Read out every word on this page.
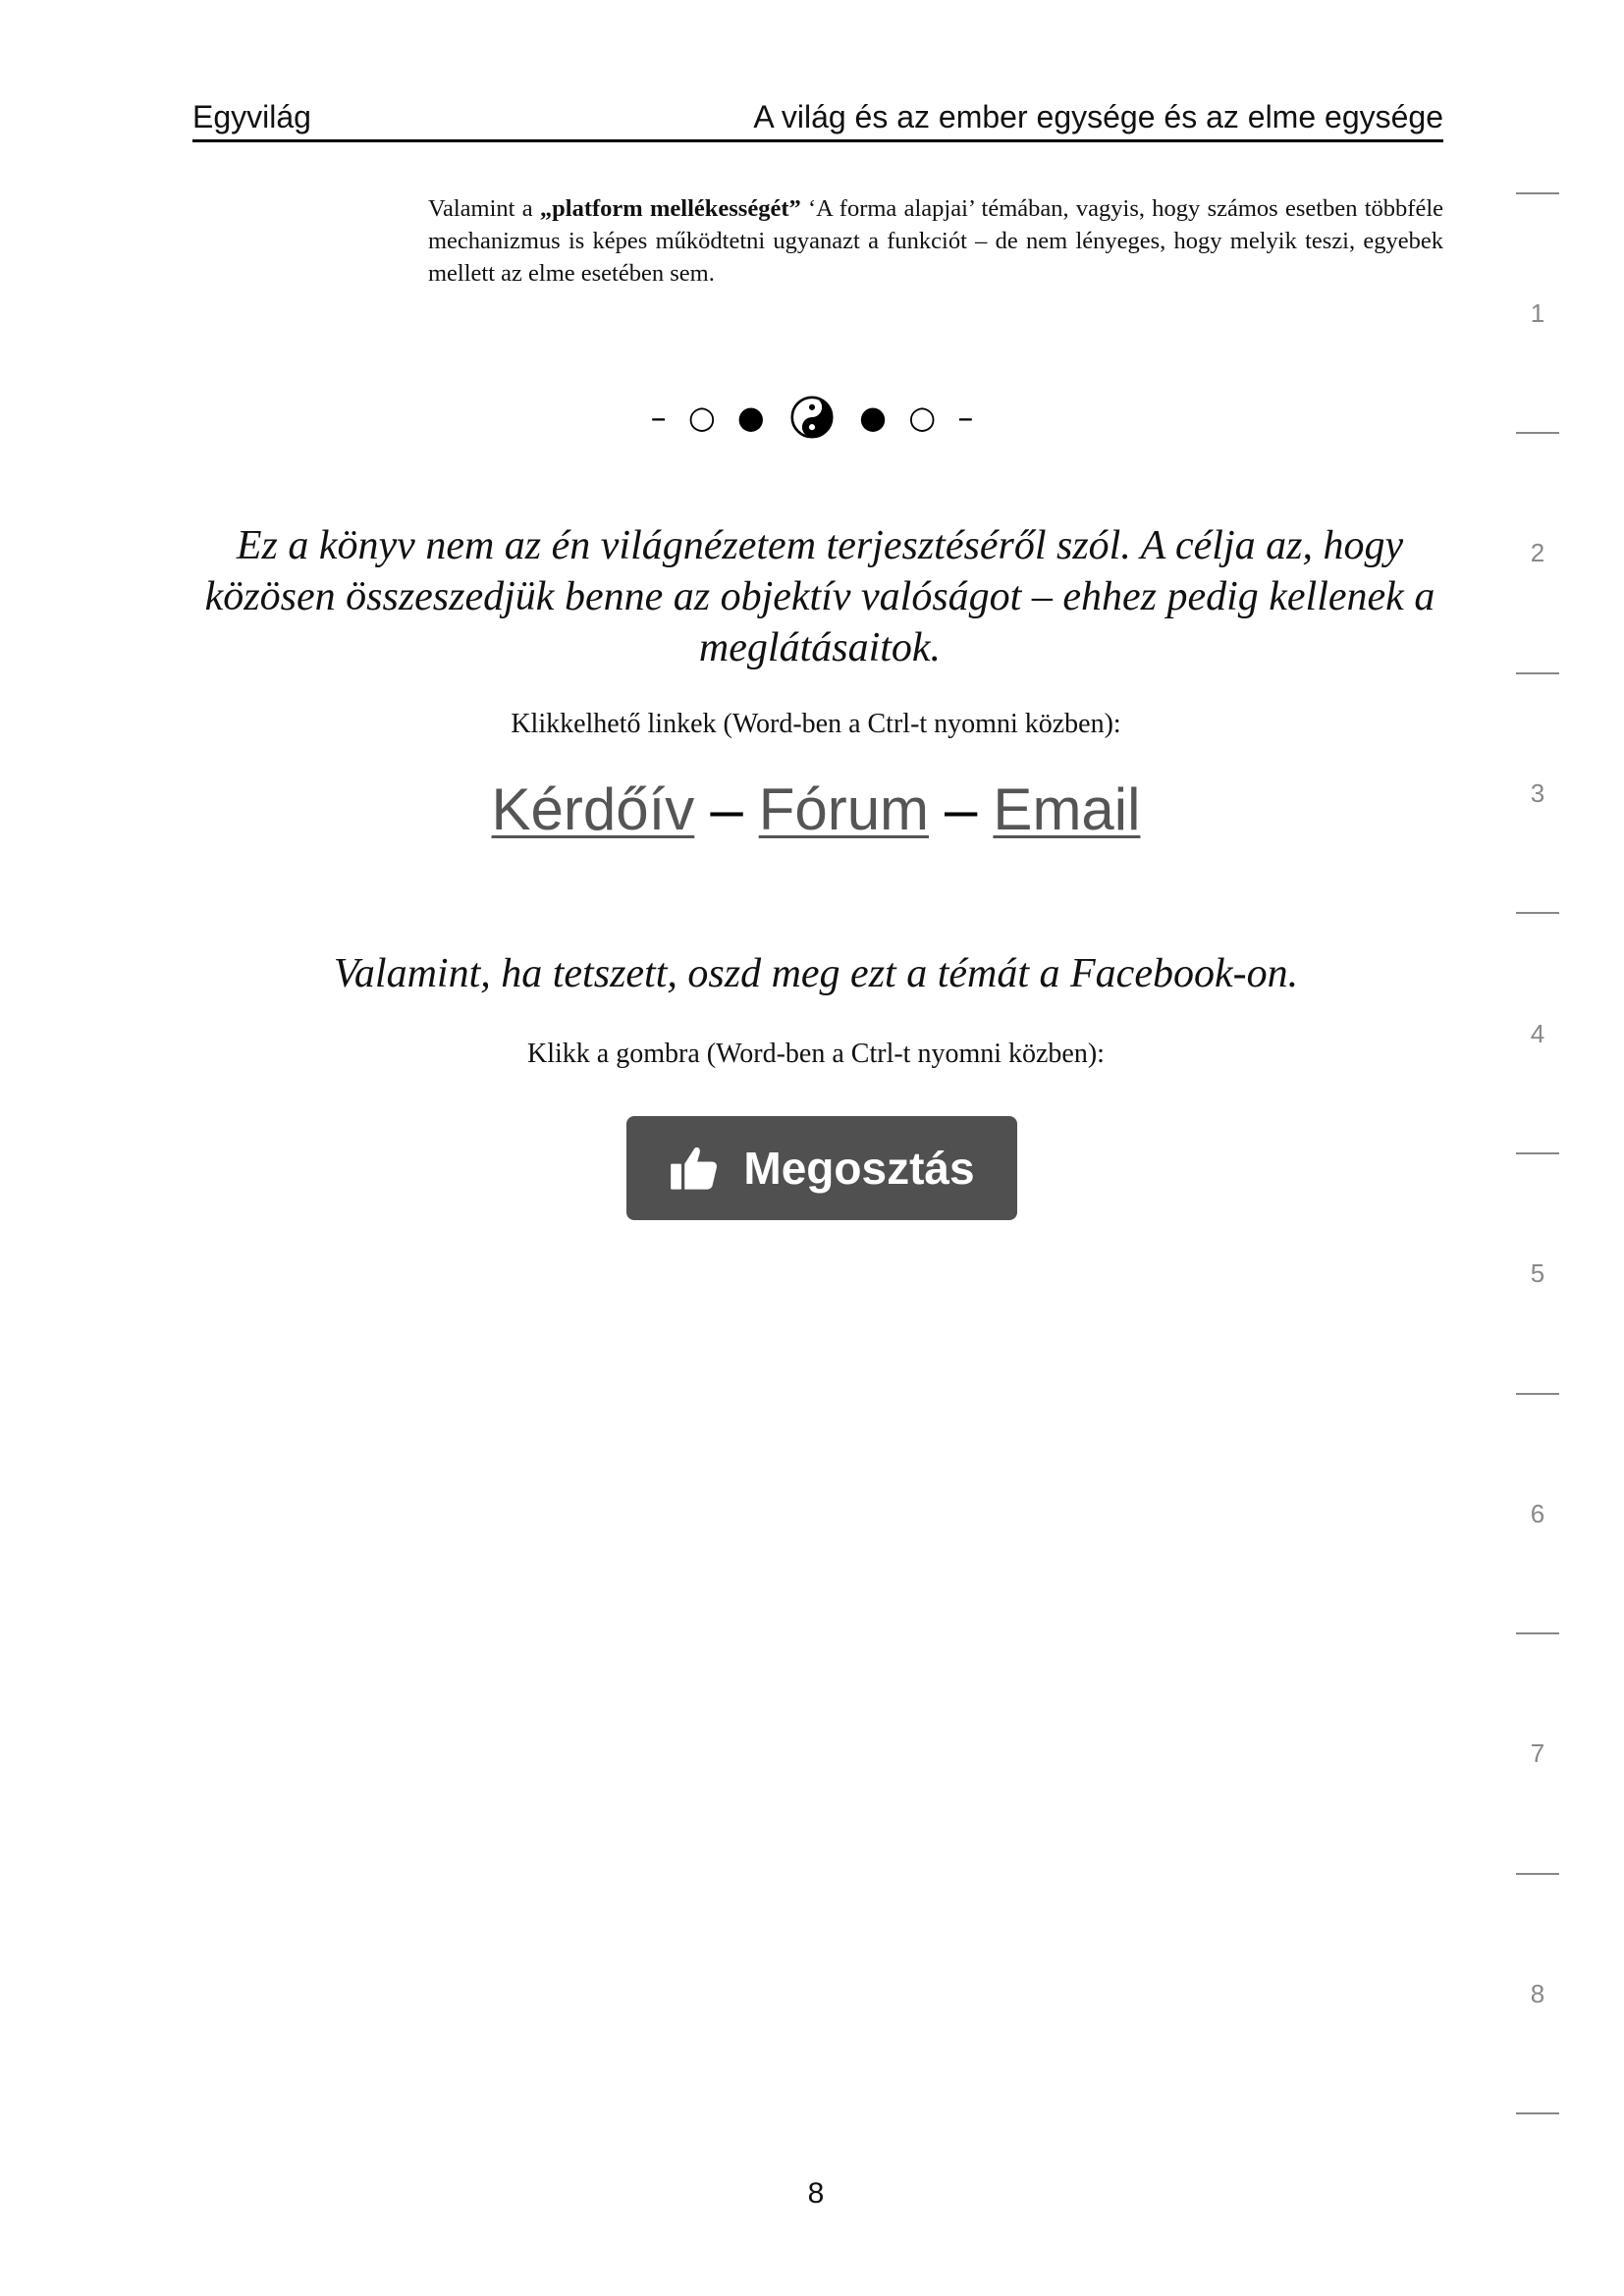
Egyvilág	A világ és az ember egysége és az elme egysége
Valamint a „platform mellékességét” ‘A forma alapjai’ témában, vagyis, hogy számos esetben többféle mechanizmus is képes működtetni ugyanazt a funkciót – de nem lényeges, hogy melyik teszi, egyebek mellett az elme esetében sem.
– ○ ●	● ○ –
Ez a könyv nem az én világnézetem terjesztéséről szól. A célja az, hogy közösen összeszedjük benne az objektív valóságot – ehhez pedig kellenek a meglátásaitok.
Klikkelhető linkek (Word-ben a Ctrl-t nyomni közben):
Kérdőív – Fórum – Email
Valamint, ha tetszett, oszd meg ezt a témát a Facebook-on.
Klikk a gombra (Word-ben a Ctrl-t nyomni közben):
Megosztás
1
2
3
4
5
6
7
8
8
